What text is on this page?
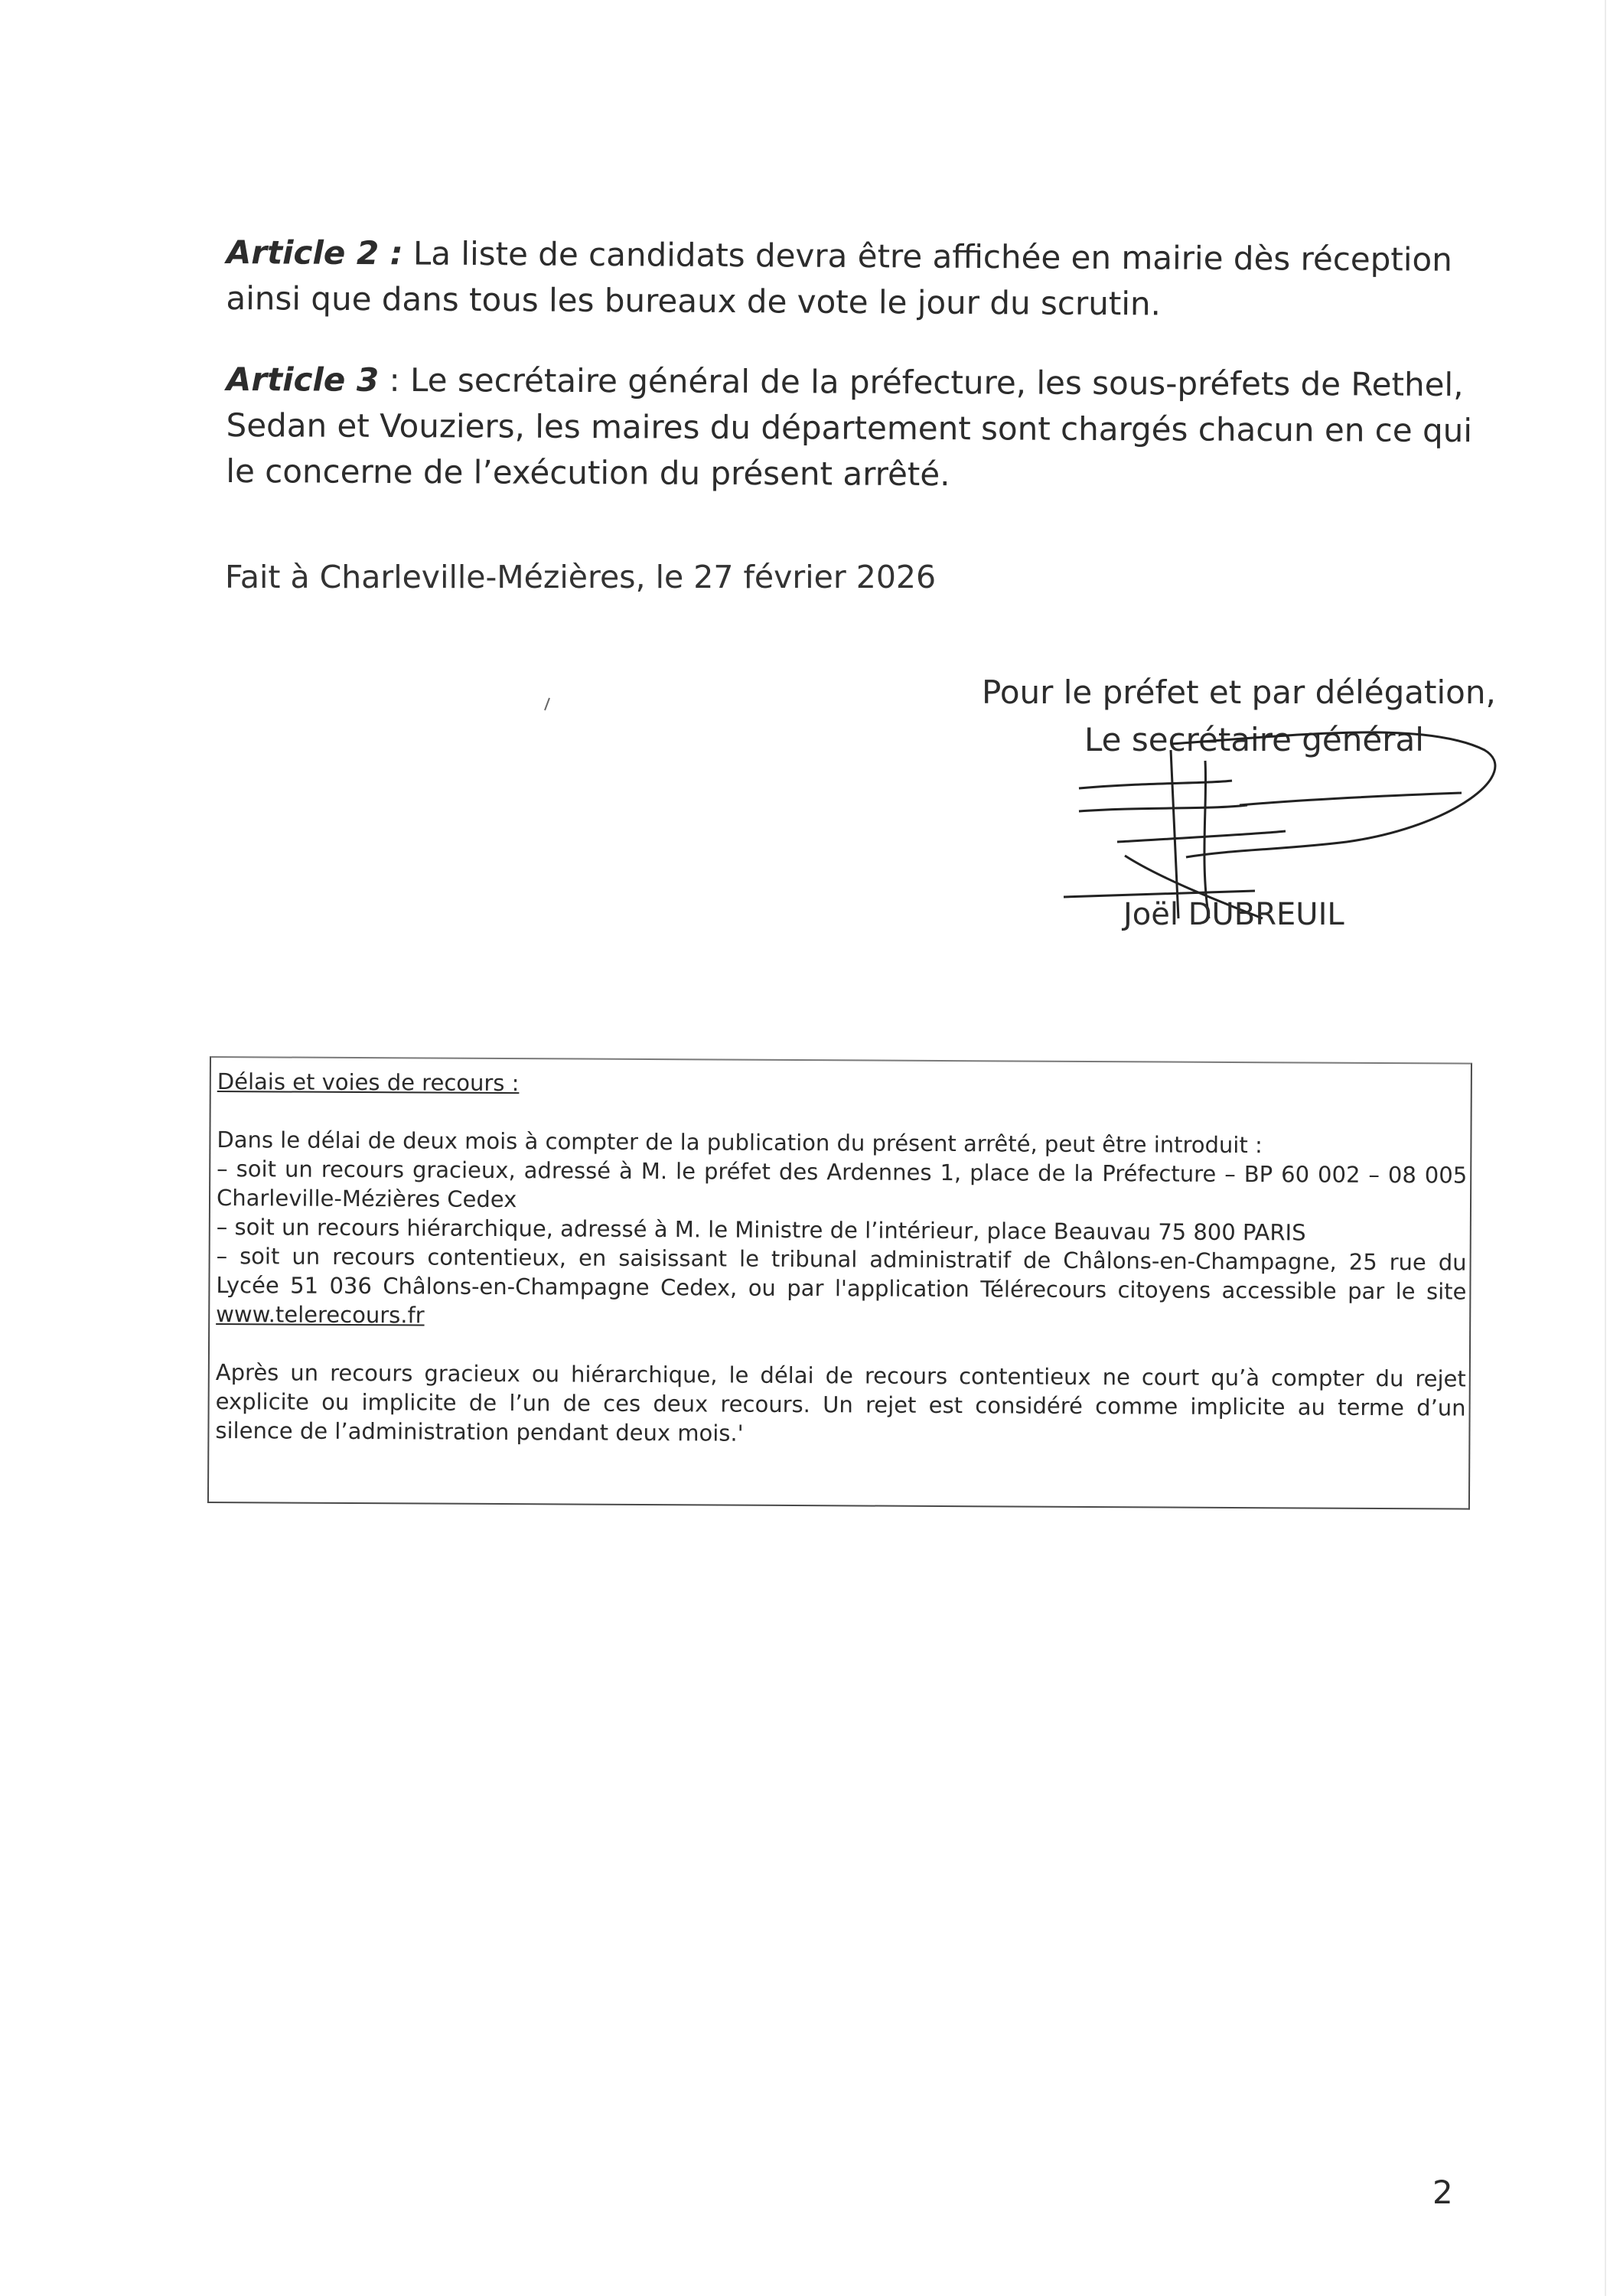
Article 2 : La liste de candidats devra être affichée en mairie dès réception ainsi que dans tous les bureaux de vote le jour du scrutin.
Article 3 : Le secrétaire général de la préfecture, les sous-préfets de Rethel, Sedan et Vouziers, les maires du département sont chargés chacun en ce qui le concerne de l’exécution du présent arrêté.
Fait à Charleville-Mézières, le 27 février 2026
Pour le préfet et par délégation,
Le secrétaire général
Joël DUBREUIL
Délais et voies de recours :
Dans le délai de deux mois à compter de la publication du présent arrêté, peut être introduit :
– soit un recours gracieux, adressé à M. le préfet des Ardennes 1, place de la Préfecture – BP 60 002 – 08 005
Charleville-Mézières Cedex
– soit un recours hiérarchique, adressé à M. le Ministre de l’intérieur, place Beauvau 75 800 PARIS
– soit un recours contentieux, en saisissant le tribunal administratif de Châlons-en-Champagne, 25 rue du
Lycée 51 036 Châlons-en-Champagne Cedex, ou par l'application Télérecours citoyens accessible par le site
www.telerecours.fr
Après un recours gracieux ou hiérarchique, le délai de recours contentieux ne court qu’à compter du rejet
explicite ou implicite de l’un de ces deux recours. Un rejet est considéré comme implicite au terme d’un
silence de l’administration pendant deux mois.'
2
